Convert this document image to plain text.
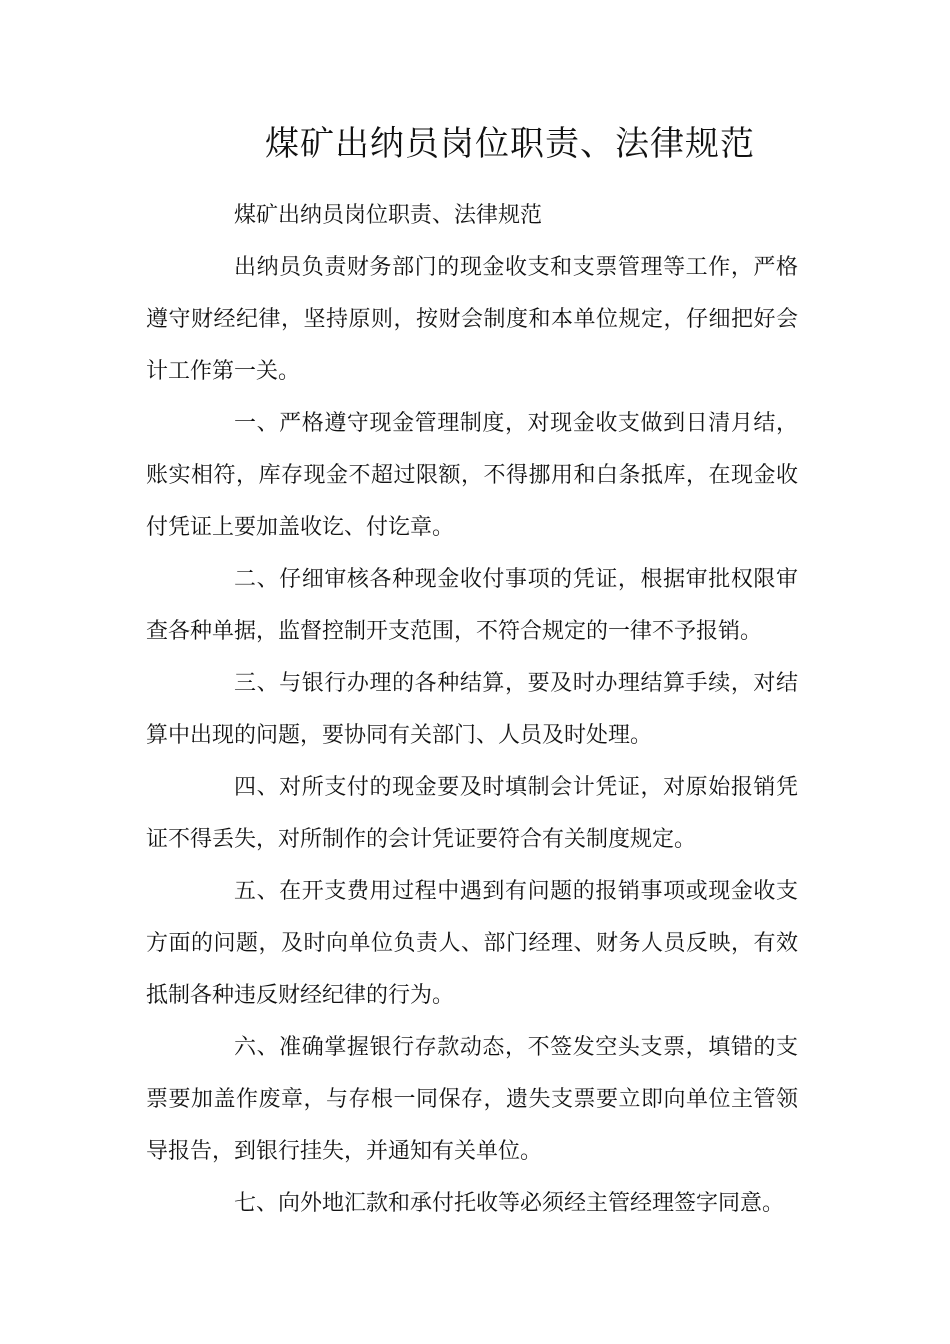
煤矿出纳员岗位职责、法律规范

煤矿出纳员岗位职责、法律规范

出纳员负责财务部门的现金收支和支票管理等工作，严格遵守财经纪律，坚持原则，按财会制度和本单位规定，仔细把好会计工作第一关。

一、严格遵守现金管理制度，对现金收支做到日清月结，账实相符，库存现金不超过限额，不得挪用和白条抵库，在现金收付凭证上要加盖收讫、付讫章。

二、仔细审核各种现金收付事项的凭证，根据审批权限审查各种单据，监督控制开支范围，不符合规定的一律不予报销。

三、与银行办理的各种结算，要及时办理结算手续，对结算中出现的问题，要协同有关部门、人员及时处理。

四、对所支付的现金要及时填制会计凭证，对原始报销凭证不得丢失，对所制作的会计凭证要符合有关制度规定。

五、在开支费用过程中遇到有问题的报销事项或现金收支方面的问题，及时向单位负责人、部门经理、财务人员反映，有效抵制各种违反财经纪律的行为。

六、准确掌握银行存款动态，不签发空头支票，填错的支票要加盖作废章，与存根一同保存，遗失支票要立即向单位主管领导报告，到银行挂失，并通知有关单位。

七、向外地汇款和承付托收等必须经主管经理签字同意。
